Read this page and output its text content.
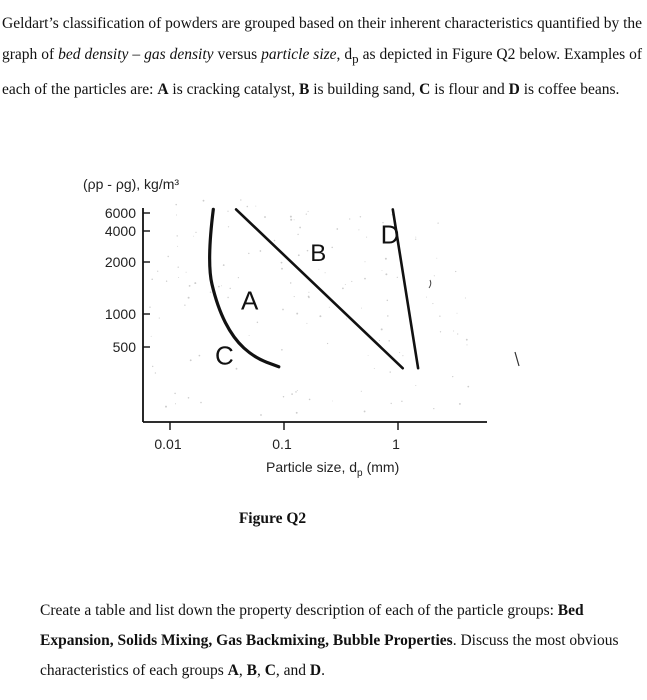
Geldart’s classification of powders are grouped based on their inherent characteristics quantified by the graph of bed density – gas density versus particle size, $d_p$ as depicted in Figure Q2 below. Examples of each of the particles are: A is cracking catalyst, B is building sand, C is flour and D is coffee beans.

(ρp - ρg), kg/m³
6000
4000
2000
1000
500
0.01	0.1	1
A
B
C
D
Particle size, $d_p$ (mm)
Figure Q2

Create a table and list down the property description of each of the particle groups: Bed Expansion, Solids Mixing, Gas Backmixing, Bubble Properties. Discuss the most obvious characteristics of each groups A, B, C, and D.
